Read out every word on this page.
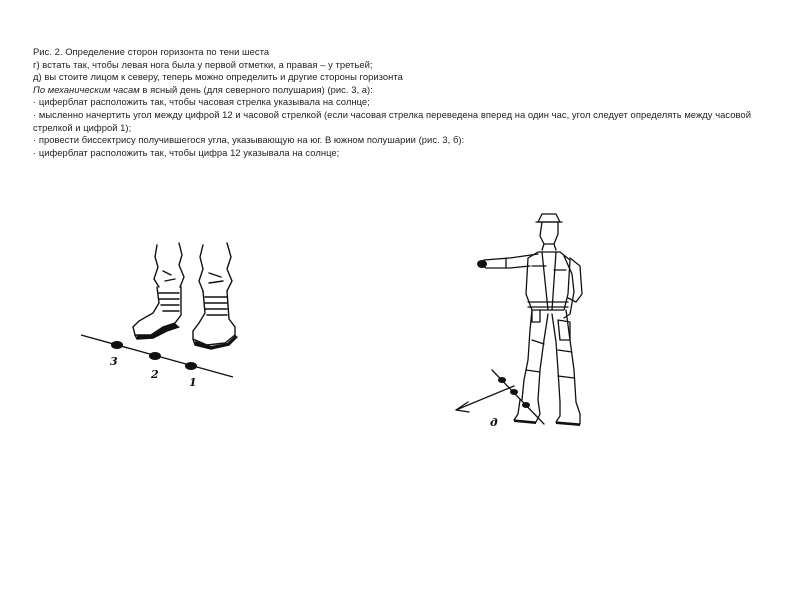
Рис. 2. Определение сторон горизонта по тени шеста

г) встать так, чтобы левая нога была у первой отметки, а правая – у третьей;

д) вы стоите лицом к северу, теперь можно определить и другие стороны горизонта

По механическим часам в ясный день (для северного полушария) (рис. 3, а):

· циферблат расположить так, чтобы часовая стрелка указывала на солнце;

· мысленно начертить угол между цифрой 12 и часовой стрелкой (если часовая стрелка переведена вперед на один час, угол следует определять между часовой стрелкой и цифрой 1);

· провести биссектрису получившегося угла, указывающую на юг. В южном полушарии (рис. 3, б):

· циферблат расположить так, чтобы цифра 12 указывала на солнце;

3
2
1
д
